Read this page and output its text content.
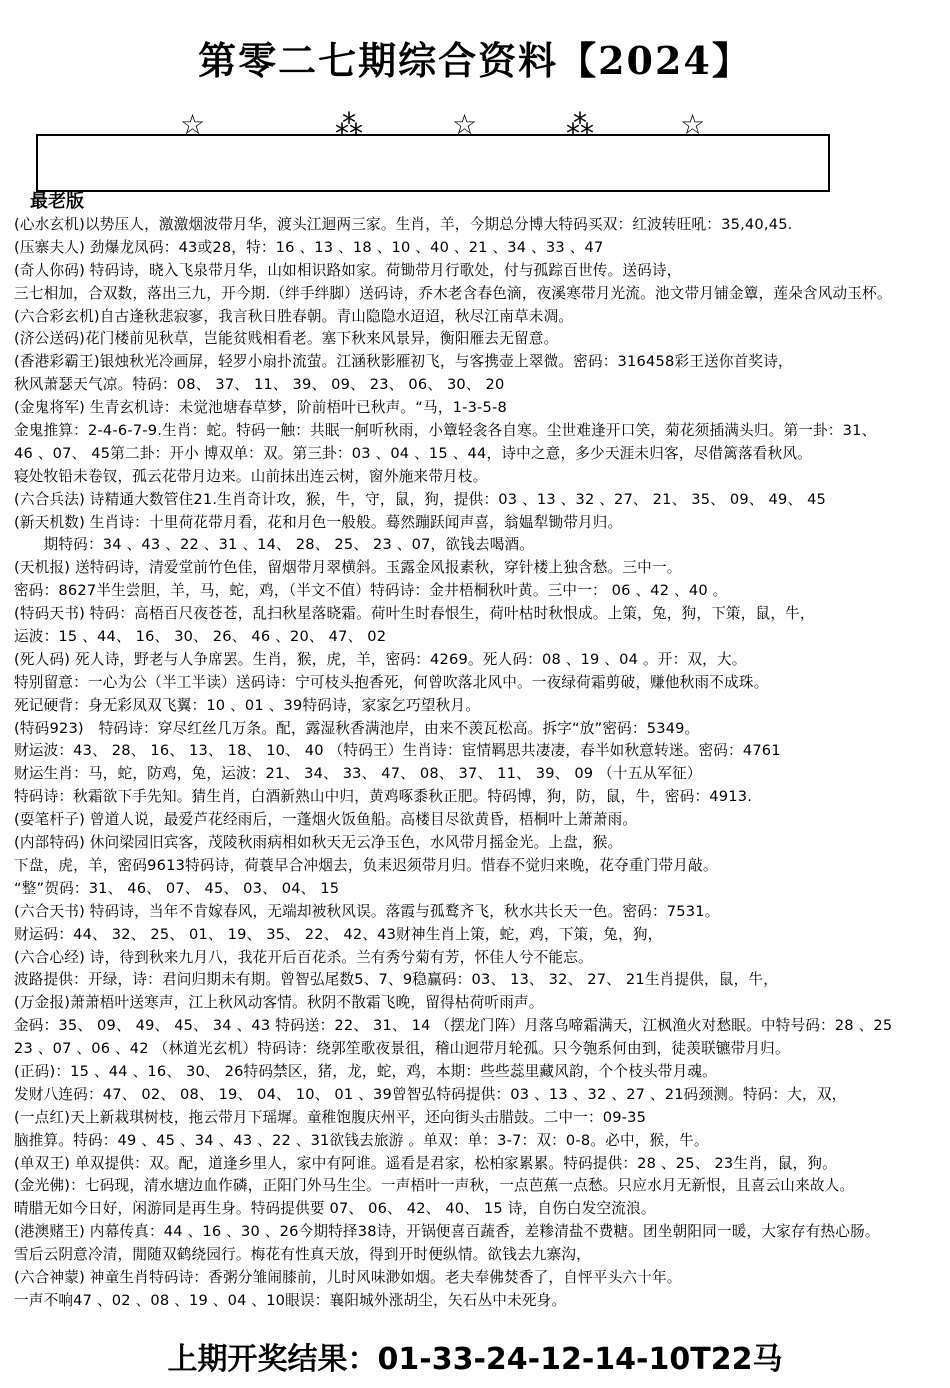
第零二七期综合资料【2024】
☆	⁂	☆	⁂	☆
最老版
(心水玄机)以势压人，激激烟波带月华，渡头江迴两三家。生肖，羊，今期总分博大特码买双：红波转旺吼：35,40,45.
(压寨夫人) 劲爆龙凤码：43或28，特：16 、13 、18 、10 、40 、21 、34 、33 、47
(奇人你码) 特码诗，晓入飞泉带月华，山如相识路如家。荷锄带月行歌处，付与孤踪百世传。送码诗，
三七相加，合双数，落出三九，开今期.（绊手绊脚）送码诗，乔木老含春色滴，夜溪寒带月光流。池文带月铺金簟，莲朵含风动玉杯。
(六合彩玄机)自古逢秋悲寂寥，我言秋日胜春朝。青山隐隐水迢迢，秋尽江南草未凋。
(济公送码)花门楼前见秋草，岂能贫贱相看老。塞下秋来风景异，衡阳雁去无留意。
(香港彩霸王)银烛秋光冷画屏，轻罗小扇扑流萤。江涵秋影雁初飞，与客携壶上翠微。密码：316458彩王送你首奖诗，
秋风萧瑟天气凉。特码：08、 37、 11、 39、 09、 23、 06、 30、 20
(金鬼将军) 生青玄机诗：未觉池塘春草梦，阶前梧叶已秋声。“马，1-3-5-8
金鬼推算：2-4-6-7-9.生肖：蛇。特码一触：共眠一舸听秋雨，小簟轻衾各自寒。尘世难逢开口笑，菊花须插满头归。第一卦：31、
46 、07、 45第二卦：开小 博双单：双。第三卦：03 、04 、15 、44，诗中之意，多少天涯未归客，尽借篱落看秋风。
寝处牧铅未卷钗，孤云花带月边来。山前抹出连云树，窗外施来带月枝。
(六合兵法) 诗精通大数管住21.生肖奇计攻，猴，牛，守，鼠，狗，提供：03 、13 、32 、27、 21、 35、 09、 49、 45
(新天机数) 生肖诗：十里荷花带月看，花和月色一般般。蓦然蹦跃闻声喜，翁媪犁锄带月归。
　　期特码：34 、43 、22 、31 、14、 28、 25、 23 、07，欲钱去喝酒。
(天机报) 送特码诗，清爱堂前竹色佳，留烟带月翠横斜。玉露金风报素秋，穿针楼上独含愁。三中一。
密码：8627半生尝胆，羊，马，蛇，鸡，（半文不值）特码诗：金井梧桐秋叶黄。三中一： 06 、42 、40 。
(特码天书) 特码：高梧百尺夜苍苍，乱扫秋星落晓霜。荷叶生时春恨生，荷叶枯时秋恨成。上策，兔，狗，下策，鼠，牛，
运波：15 、44、 16、 30、 26、 46 、20、 47、 02
(死人码) 死人诗，野老与人争席罢。生肖，猴，虎，羊，密码：4269。死人码：08 、19 、04 。开：双，大。
特别留意：一心为公（半工半读）送码诗：宁可枝头抱香死，何曾吹落北风中。一夜绿荷霜剪破，赚他秋雨不成珠。
死记硬背：身无彩凤双飞翼：10 、01 、39特码诗，家家乞巧望秋月。
(特码923)　特码诗：穿尽红丝几万条。配，露湿秋香满池岸，由来不羡瓦松高。拆字“放”密码：5349。
财运波：43、 28、 16、 13、 18、 10、 40 （特码王）生肖诗：宦情羁思共凄凄，春半如秋意转迷。密码：4761
财运生肖：马，蛇，防鸡，兔，运波：21、 34、 33、 47、 08、 37、 11、 39、 09 （十五从军征）
特码诗：秋霜欲下手先知。猜生肖，白酒新熟山中归，黄鸡啄黍秋正肥。特码博，狗，防，鼠，牛，密码：4913.
(耍笔杆子) 曾道人说，最爱芦花经雨后，一蓬烟火饭鱼船。高楼目尽欲黄昏，梧桐叶上萧萧雨。
(内部特码) 休问梁园旧宾客，茂陵秋雨病相如秋天无云净玉色，水风带月摇金光。上盘，猴。
下盘，虎，羊，密码9613特码诗，荷蓑早合冲烟去，负耒迟须带月归。惜春不觉归来晚，花夺重门带月敲。
“整”贺码：31、 46、 07、 45、 03、 04、 15
(六合天书) 特码诗，当年不肯嫁春风，无端却被秋风误。落霞与孤鹜齐飞，秋水共长天一色。密码：7531。
财运码：44、 32、 25、 01、 19、 35、 22、 42、43财神生肖上策，蛇，鸡，下策，兔，狗，
(六合心经) 诗，待到秋来九月八，我花开后百花杀。兰有秀兮菊有芳，怀佳人兮不能忘。
波路提供：开绿，诗：君问归期未有期。曾智弘尾数5、7、9稳赢码：03、 13、 32、 27、 21生肖提供，鼠，牛，
(万金报)萧萧梧叶送寒声，江上秋风动客情。秋阴不散霜飞晚，留得枯荷听雨声。
金码：35、 09、 49、 45、 34 、43 特码送：22、 31、 14 （摆龙门阵）月落乌啼霜满天，江枫渔火对愁眠。中特号码：28 、25
23 、07 、06 、42 （林道光玄机）特码诗：绕郭笙歌夜景徂，稽山迥带月轮孤。只今匏系何由到，徒羡联镳带月归。
(正码)：15 、44 、16、 30、 26特码禁区，猪，龙，蛇，鸡，本期：些些蕊里藏风韵，个个枝头带月魂。
发财八连码：47、 02、 08、 19、 04、 10、 01 、39曾智弘特码提供：03 、13 、32 、27 、21码颈测。特码：大，双，
(一点红)天上新栽琪树枝，拖云带月下瑶墀。童稚饱腹庆州平，还向街头击腊鼓。二中一：09-35
脑推算。特码：49 、45 、34 、43 、22 、31欲钱去旅游 。单双：单：3-7：双：0-8。必中，猴，牛。
(单双王) 单双提供：双。配，道逢乡里人，家中有阿谁。遥看是君家，松柏家累累。特码提供：28 、25、 23生肖，鼠，狗。
(金光佛)：七码现，清水塘边血作磷，正阳门外马生尘。一声梧叶一声秋，一点芭蕉一点愁。只应水月无新恨，且喜云山来故人。
晴腊无如今日好，闲游同是再生身。特码提供要 07、 06、 42、 40、 15 诗，自伤白发空流浪。
(港澳赌王) 内幕传真：44 、16 、30 、26今期特择38诗，开锅便喜百蔬香，差糁清盐不费糖。团坐朝阳同一暖，大家存有热心肠。
雪后云阴意冷清，閒随双鹤绕园行。梅花有性真天放，得到开时便纵情。欲钱去九寨沟，
(六合神蒙) 神童生肖特码诗：香粥分雏闹膝前，儿时风味渺如烟。老夫奉佛焚香了，自怦平头六十年。
一声不响47 、02 、08 、19 、04 、10眼误：襄阳城外涨胡尘，矢石丛中未死身。
上期开奖结果：01-33-24-12-14-10T22马
